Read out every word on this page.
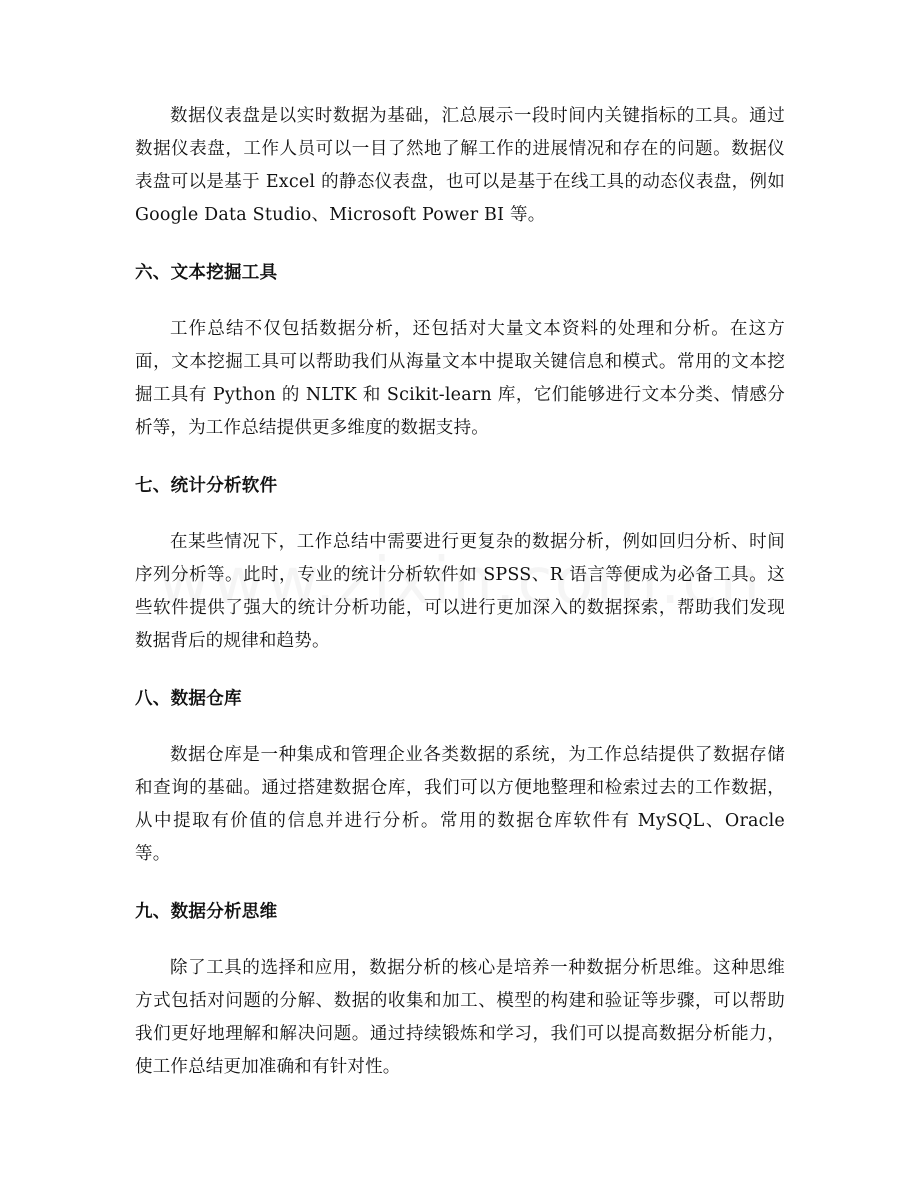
数据仪表盘是以实时数据为基础，汇总展示一段时间内关键指标的工具。通过数据仪表盘，工作人员可以一目了然地了解工作的进展情况和存在的问题。数据仪表盘可以是基于 Excel 的静态仪表盘，也可以是基于在线工具的动态仪表盘，例如 Google Data Studio、Microsoft Power BI 等。

六、文本挖掘工具

工作总结不仅包括数据分析，还包括对大量文本资料的处理和分析。在这方面，文本挖掘工具可以帮助我们从海量文本中提取关键信息和模式。常用的文本挖掘工具有 Python 的 NLTK 和 Scikit-learn 库，它们能够进行文本分类、情感分析等，为工作总结提供更多维度的数据支持。

七、统计分析软件

在某些情况下，工作总结中需要进行更复杂的数据分析，例如回归分析、时间序列分析等。此时，专业的统计分析软件如 SPSS、R 语言等便成为必备工具。这些软件提供了强大的统计分析功能，可以进行更加深入的数据探索，帮助我们发现数据背后的规律和趋势。

八、数据仓库

数据仓库是一种集成和管理企业各类数据的系统，为工作总结提供了数据存储和查询的基础。通过搭建数据仓库，我们可以方便地整理和检索过去的工作数据，从中提取有价值的信息并进行分析。常用的数据仓库软件有 MySQL、Oracle 等。

九、数据分析思维

除了工具的选择和应用，数据分析的核心是培养一种数据分析思维。这种思维方式包括对问题的分解、数据的收集和加工、模型的构建和验证等步骤，可以帮助我们更好地理解和解决问题。通过持续锻炼和学习，我们可以提高数据分析能力，使工作总结更加准确和有针对性。
